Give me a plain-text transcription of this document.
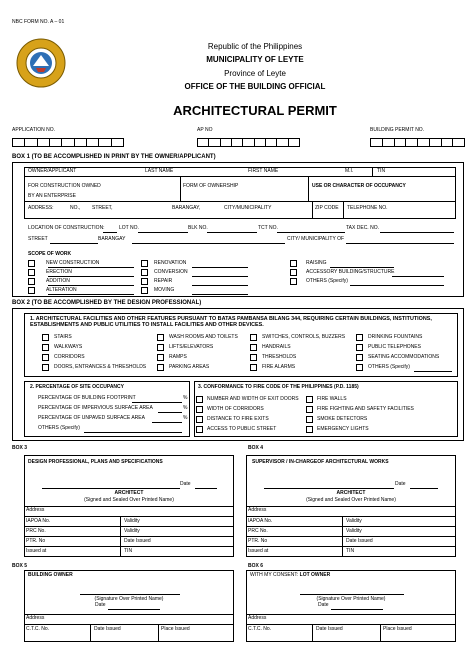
NBC FORM NO. A – 01
Republic of the Philippines
MUNICIPALITY OF LEYTE
Province of Leyte
OFFICE OF THE BUILDING OFFICIAL
ARCHITECTURAL PERMIT
APPLICATION NO.	AP NO	BUILDING PERMIT NO.
BOX 1 (TO BE ACCOMPLISHED IN PRINT BY THE OWNER/APPLICANT)
OWNER/APPLICANT	LAST NAME	FIRST NAME	M.I.	TIN
FOR CONSTRUCTION OWNED
BY AN ENTERPRISE
FORM OF OWNERSHIP	USE OR CHARACTER OF OCCUPANCY
ADDRESS:	NO., STREET,	BARANGAY,	CITY/MUNICIPALITY	ZIP CODE TELEPHONE NO.
LOCATION OF CONSTRUCTION:	LOT NO.	BLK NO.	TCT NO.	TAX DEC. NO.
STREET	BARANGAY	CITY/ MUNICIPALITY OF
SCOPE OF WORK
NEW CONSTRUCTION
ERECTION
ADDITION
ALTERATION
RENOVATION
CONVERSION
REPAIR
MOVING
RAISING
ACCESSORY BUILDING/STRUCTURE
OTHERS (Specify)
BOX 2 (TO BE ACCOMPLISHED BY THE DESIGN PROFESSIONAL)
1. ARCHITECTURAL FACILITIES AND OTHER FEATURES PURSUANT TO BATAS PAMBANSA BILANG 344, REQUIRING CERTAIN BUILDINGS, INSTITUTIONS, ESTABLISHMENTS AND PUBLIC UTILITIES TO INSTALL FACILITIES AND OTHER DEVICES.
STAIRS
WALKWAYS
CORRIDORS
DOORS, ENTRANCES & THRESHOLDS
WASH ROOMS AND TOILETS
LIFTS/ELEVATORS
RAMPS
PARKING AREAS
SWITCHES, CONTROLS, BUZZERS
HANDRAILS
THRESHOLDS
FIRE ALARMS
DRINKING FOUNTAINS
PUBLIC TELEPHONES
SEATING ACCOMMODATIONS
OTHERS (Specify)
2. PERCENTAGE OF SITE OCCUPANCY
PERCENTAGE OF BUILDING FOOTPRINT	%
PERCENTAGE OF IMPERVIOUS SURFACE AREA	%
PERCENTAGE OF UNPAVED SURFACE AREA	%
OTHERS (Specify)
3. CONFORMANCE TO FIRE CODE OF THE PHILIPPINES (P.D. 1185)
NUMBER AND WIDTH OF EXIT DOORS
WIDTH OF CORRIDORS
DISTANCE TO FIRE EXITS
ACCESS TO PUBLIC STREET
FIRE WALLS
FIRE FIGHTING AND SAFETY FACILITIES
SMOKE DETECTORS
EMERGENCY LIGHTS
BOX 3
DESIGN PROFESSIONAL, PLANS AND SPECIFICATIONS
Date
ARCHITECT
(Signed and Sealed Over Printed Name)
Address
IAPOA No.	Validity
PRC No.	Validity
PTR. No	Date Issued
Issued at	TIN
BOX 4
SUPERVISOR / IN-CHARGEOF ARCHITECTURAL WORKS
Date
ARCHITECT
(Signed and Sealed Over Printed Name)
Address
IAPOA No.	Validity
PRC No.	Validity
PTR. No	Date Issued
Issued at	TIN
BOX 5
BUILDING OWNER
(Signature Over Printed Name)
Date
Address
C.T.C. No.	Date Issued	Place Issued
BOX 6
WITH MY CONSENT: LOT OWNER
(Signature Over Printed Name)
Date
Address
C.T.C. No.	Date Issued	Place Issued
